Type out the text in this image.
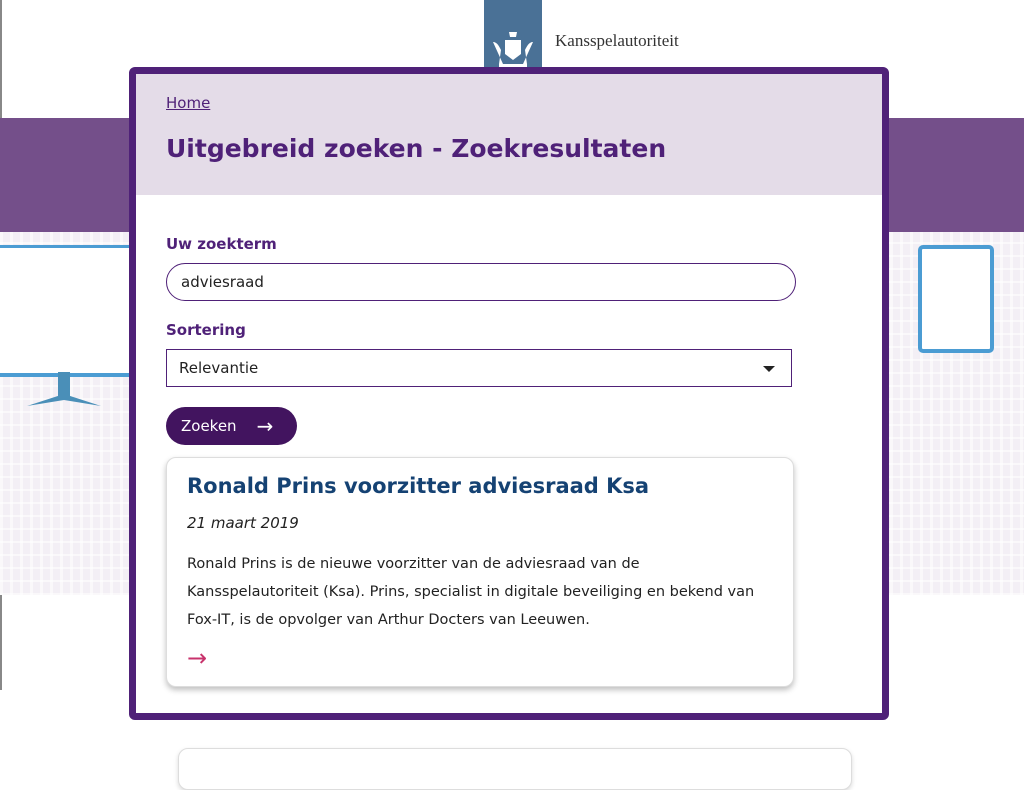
Kansspelautoriteit
Home
Uitgebreid zoeken - Zoekresultaten
Uw zoekterm
adviesraad
Sortering
Relevantie
Zoeken →
Ronald Prins voorzitter adviesraad Ksa
21 maart 2019
Ronald Prins is de nieuwe voorzitter van de adviesraad van de Kansspelautoriteit (Ksa). Prins, specialist in digitale beveiliging en bekend van Fox-IT, is de opvolger van Arthur Docters van Leeuwen.
→
